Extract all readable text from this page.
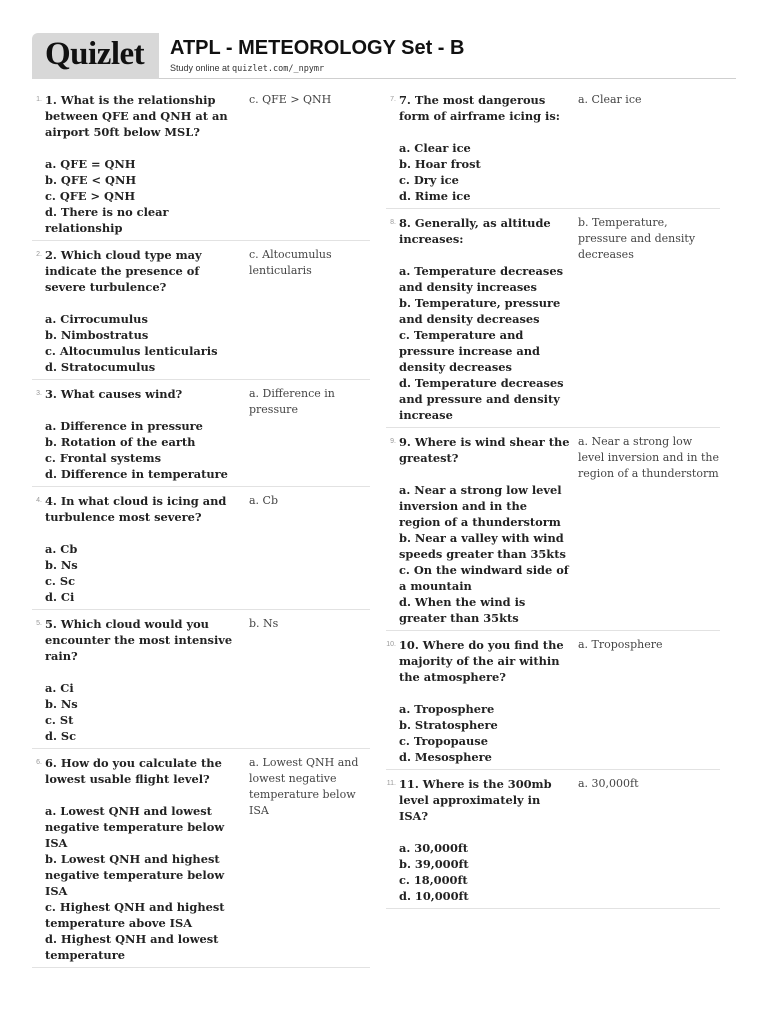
Quizlet ATPL - METEOROLOGY Set - B
Study online at quizlet.com/_npymr
1. 1. What is the relationship between QFE and QNH at an airport 50ft below MSL?
a. QFE = QNH
b. QFE < QNH
c. QFE > QNH
d. There is no clear relationship
c. QFE > QNH
2. 2. Which cloud type may indicate the presence of severe turbulence?
a. Cirrocumulus
b. Nimbostratus
c. Altocumulus lenticularis
d. Stratocumulus
c. Altocumulus lenticularis
3. 3. What causes wind?
a. Difference in pressure
b. Rotation of the earth
c. Frontal systems
d. Difference in temperature
a. Difference in pressure
4. 4. In what cloud is icing and turbulence most severe?
a. Cb
b. Ns
c. Sc
d. Ci
a. Cb
5. 5. Which cloud would you encounter the most intensive rain?
a. Ci
b. Ns
c. St
d. Sc
b. Ns
6. 6. How do you calculate the lowest usable flight level?
a. Lowest QNH and lowest negative temperature below ISA
b. Lowest QNH and highest negative temperature below ISA
c. Highest QNH and highest temperature above ISA
d. Highest QNH and lowest temperature
a. Lowest QNH and lowest negative temperature below ISA
7. 7. The most dangerous form of airframe icing is:
a. Clear ice
b. Hoar frost
c. Dry ice
d. Rime ice
a. Clear ice
8. 8. Generally, as altitude increases:
a. Temperature decreases and density increases
b. Temperature, pressure and density decreases
c. Temperature and pressure increase and density decreases
d. Temperature decreases and pressure and density increase
b. Temperature, pressure and density decreases
9. 9. Where is wind shear the greatest?
a. Near a strong low level inversion and in the region of a thunderstorm
b. Near a valley with wind speeds greater than 35kts
c. On the windward side of a mountain
d. When the wind is greater than 35kts
a. Near a strong low level inversion and in the region of a thunderstorm
10. 10. Where do you find the majority of the air within the atmosphere?
a. Troposphere
b. Stratosphere
c. Tropopause
d. Mesosphere
a. Troposphere
11. 11. Where is the 300mb level approximately in ISA?
a. 30,000ft
b. 39,000ft
c. 18,000ft
d. 10,000ft
a. 30,000ft
